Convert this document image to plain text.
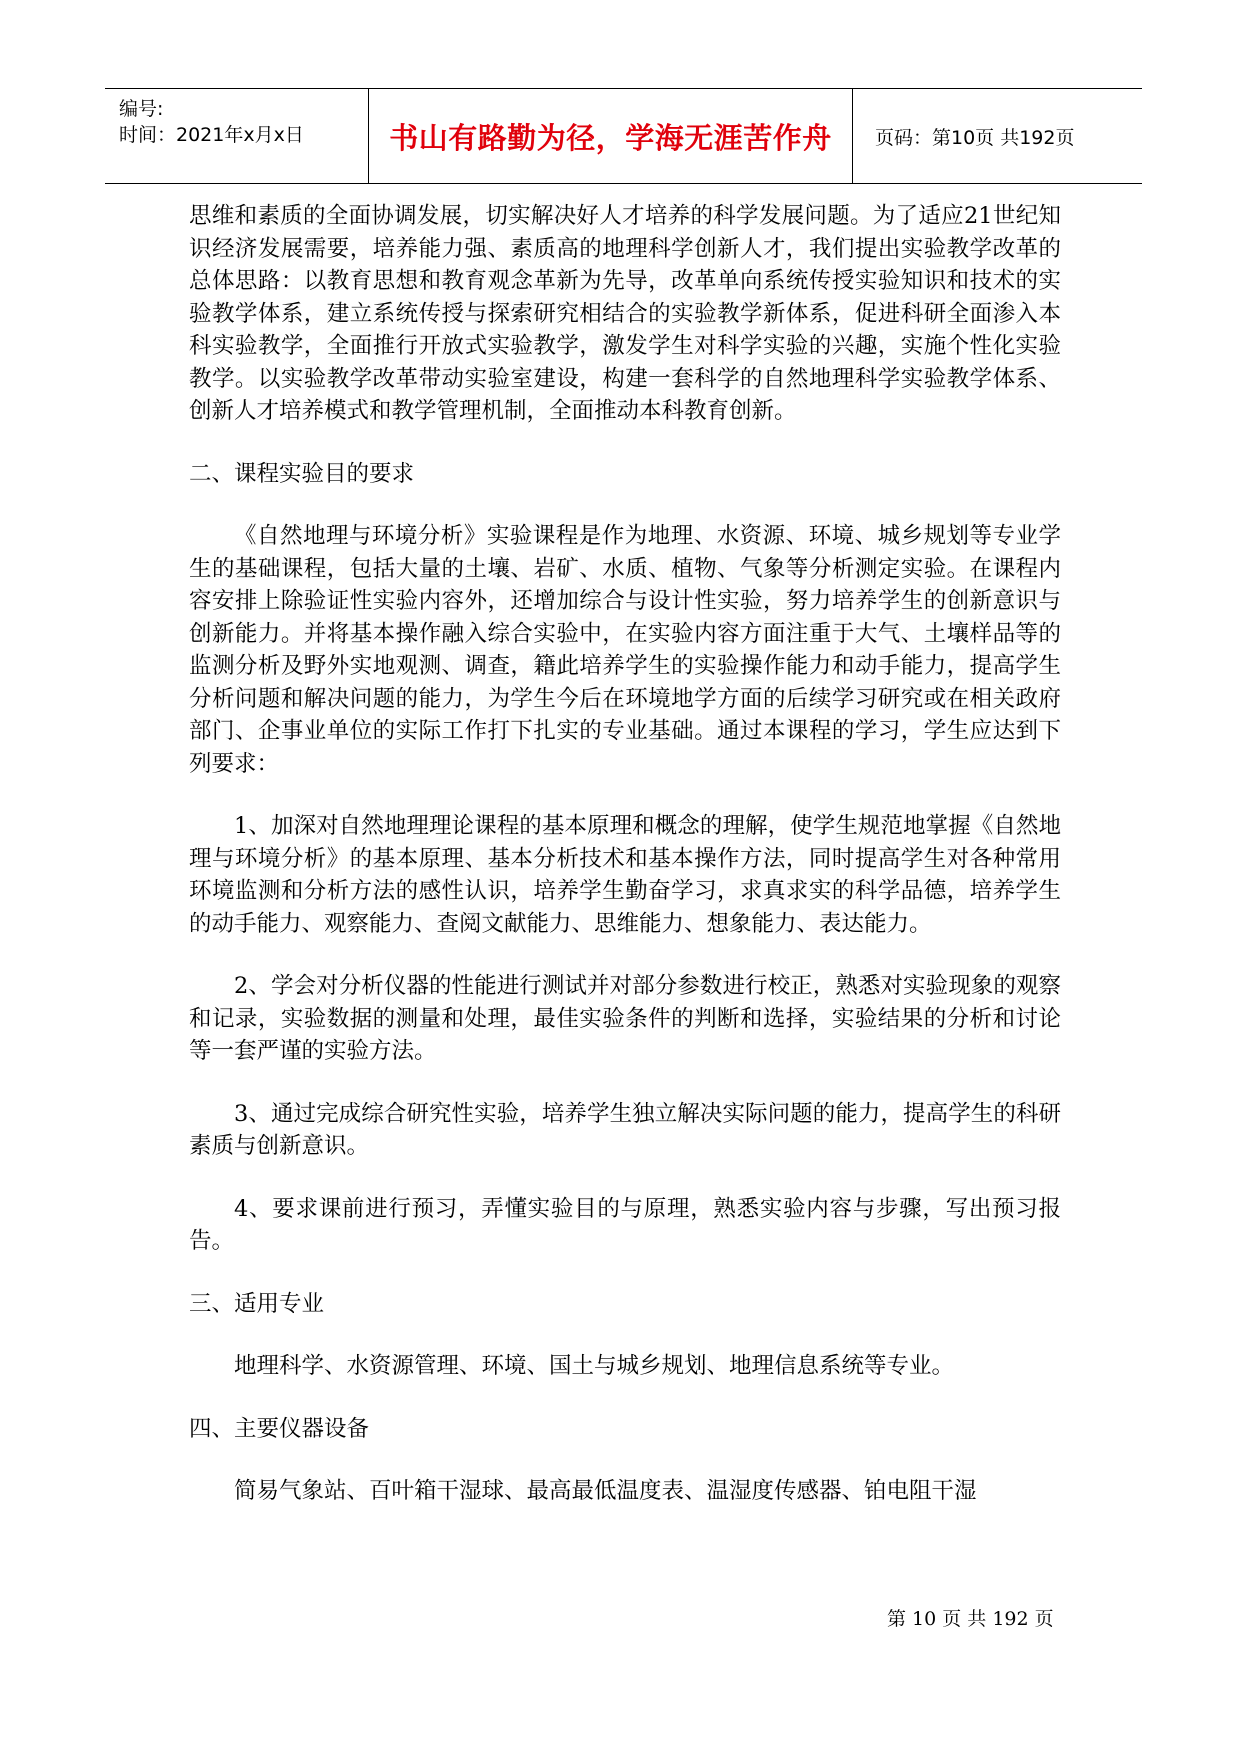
编号:
时间：2021年x月x日	书山有路勤为径，学海无涯苦作舟 页码：第10页 共192页

思维和素质的全面协调发展，切实解决好人才培养的科学发展问题。为了适应21世纪知识经济发展需要，培养能力强、素质高的地理科学创新人才，我们提出实验教学改革的总体思路：以教育思想和教育观念革新为先导，改革单向系统传授实验知识和技术的实验教学体系，建立系统传授与探索研究相结合的实验教学新体系，促进科研全面渗入本科实验教学，全面推行开放式实验教学，激发学生对科学实验的兴趣，实施个性化实验教学。以实验教学改革带动实验室建设，构建一套科学的自然地理科学实验教学体系、创新人才培养模式和教学管理机制，全面推动本科教育创新。

二、课程实验目的要求

《自然地理与环境分析》实验课程是作为地理、水资源、环境、城乡规划等专业学生的基础课程，包括大量的土壤、岩矿、水质、植物、气象等分析测定实验。在课程内容安排上除验证性实验内容外，还增加综合与设计性实验，努力培养学生的创新意识与创新能力。并将基本操作融入综合实验中，在实验内容方面注重于大气、土壤样品等的监测分析及野外实地观测、调查，籍此培养学生的实验操作能力和动手能力，提高学生分析问题和解决问题的能力，为学生今后在环境地学方面的后续学习研究或在相关政府部门、企事业单位的实际工作打下扎实的专业基础。通过本课程的学习，学生应达到下列要求：

1、加深对自然地理理论课程的基本原理和概念的理解，使学生规范地掌握《自然地理与环境分析》的基本原理、基本分析技术和基本操作方法，同时提高学生对各种常用环境监测和分析方法的感性认识，培养学生勤奋学习，求真求实的科学品德，培养学生的动手能力、观察能力、查阅文献能力、思维能力、想象能力、表达能力。

2、学会对分析仪器的性能进行测试并对部分参数进行校正，熟悉对实验现象的观察和记录，实验数据的测量和处理，最佳实验条件的判断和选择，实验结果的分析和讨论等一套严谨的实验方法。

3、通过完成综合研究性实验，培养学生独立解决实际问题的能力，提高学生的科研素质与创新意识。

4、要求课前进行预习，弄懂实验目的与原理，熟悉实验内容与步骤，写出预习报告。

三、适用专业

地理科学、水资源管理、环境、国土与城乡规划、地理信息系统等专业。

四、主要仪器设备

简易气象站、百叶箱干湿球、最高最低温度表、温湿度传感器、铂电阻干湿

第 10 页 共 192 页
